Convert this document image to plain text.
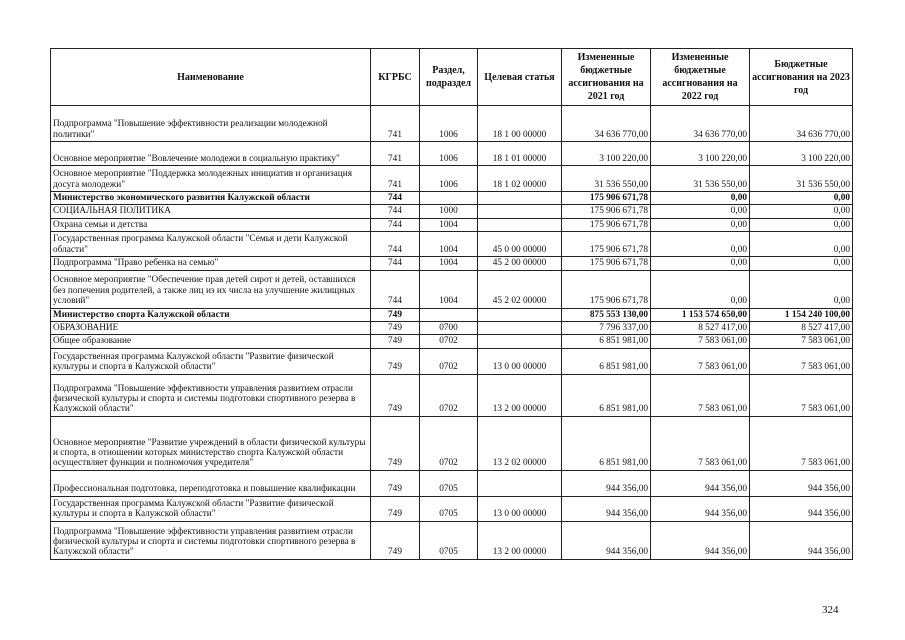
Наименование	КГРБС	Раздел, подраздел	Целевая статья	Измененные бюджетные ассигнования на 2021 год	Измененные бюджетные ассигнования на 2022 год	Бюджетные ассигнования на 2023 год
Подпрограмма "Повышение эффективности реализации молодежной политики"	741	1006	18 1 00 00000	34 636 770,00	34 636 770,00	34 636 770,00
Основное мероприятие "Вовлечение молодежи в социальную практику"	741	1006	18 1 01 00000	3 100 220,00	3 100 220,00	3 100 220,00
Основное мероприятие "Поддержка молодежных инициатив и организация досуга молодежи"	741	1006	18 1 02 00000	31 536 550,00	31 536 550,00	31 536 550,00
Министерство экономического развития Калужской области	744			175 906 671,78	0,00	0,00
СОЦИАЛЬНАЯ ПОЛИТИКА	744	1000		175 906 671,78	0,00	0,00
Охрана семьи и детства	744	1004		175 906 671,78	0,00	0,00
Государственная программа Калужской области "Семья и дети Калужской области"	744	1004	45 0 00 00000	175 906 671,78	0,00	0,00
Подпрограмма "Право ребенка на семью"	744	1004	45 2 00 00000	175 906 671,78	0,00	0,00
Основное мероприятие "Обеспечение прав детей сирот и детей, оставшихся без попечения родителей, а также лиц из их числа на улучшение жилищных условий"	744	1004	45 2 02 00000	175 906 671,78	0,00	0,00
Министерство спорта Калужской области	749			875 553 130,00	1 153 574 650,00	1 154 240 100,00
ОБРАЗОВАНИЕ	749	0700		7 796 337,00	8 527 417,00	8 527 417,00
Общее образование	749	0702		6 851 981,00	7 583 061,00	7 583 061,00
Государственная программа Калужской области "Развитие физической культуры и спорта в Калужской области"	749	0702	13 0 00 00000	6 851 981,00	7 583 061,00	7 583 061,00
Подпрограмма "Повышение эффективности управления развитием отрасли физической культуры и спорта и системы подготовки спортивного резерва в Калужской области"	749	0702	13 2 00 00000	6 851 981,00	7 583 061,00	7 583 061,00
Основное мероприятие "Развитие учреждений в области физической культуры и спорта, в отношении которых министерство спорта Калужской области осуществляет функции и полномочия учредителя"	749	0702	13 2 02 00000	6 851 981,00	7 583 061,00	7 583 061,00
Профессиональная подготовка, переподготовка и повышение квалификации	749	0705		944 356,00	944 356,00	944 356,00
Государственная программа Калужской области "Развитие физической культуры и спорта в Калужской области"	749	0705	13 0 00 00000	944 356,00	944 356,00	944 356,00
Подпрограмма "Повышение эффективности управления развитием отрасли физической культуры и спорта и системы подготовки спортивного резерва в Калужской области"	749	0705	13 2 00 00000	944 356,00	944 356,00	944 356,00
324
